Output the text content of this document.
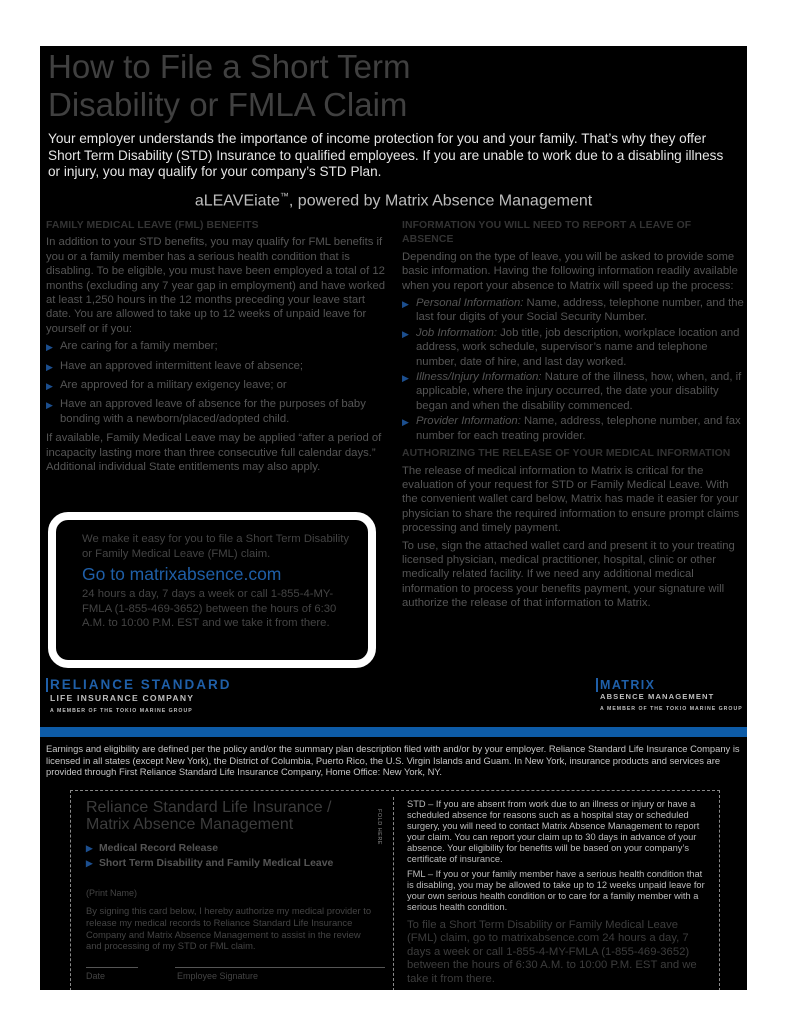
How to File a Short Term
Disability or FMLA Claim

Your employer understands the importance of income protection for you and your family. That’s why they offer Short Term Disability (STD) Insurance to qualified employees. If you are unable to work due to a disabling illness or injury, you may qualify for your company’s STD Plan.

aLEAVEiate™, powered by Matrix Absence Management

FAMILY MEDICAL LEAVE (FML) BENEFITS

In addition to your STD benefits, you may qualify for FML benefits if you or a family member has a serious health condition that is disabling. To be eligible, you must have been employed a total of 12 months (excluding any 7 year gap in employment) and have worked at least 1,250 hours in the 12 months preceding your leave start date. You are allowed to take up to 12 weeks of unpaid leave for yourself or if you:

▶ Are caring for a family member;
▶ Have an approved intermittent leave of absence;
▶ Are approved for a military exigency leave; or
▶ Have an approved leave of absence for the purposes of baby bonding with a newborn/placed/adopted child.

If available, Family Medical Leave may be applied “after a period of incapacity lasting more than three consecutive full calendar days.” Additional individual State entitlements may also apply.

We make it easy for you to file a Short Term Disability or Family Medical Leave (FML) claim.

Go to matrixabsence.com

24 hours a day, 7 days a week or call 1-855-4-MY-FMLA (1-855-469-3652) between the hours of 6:30 A.M. to 10:00 P.M. EST and we take it from there.

INFORMATION YOU WILL NEED TO REPORT A LEAVE OF ABSENCE

Depending on the type of leave, you will be asked to provide some basic information. Having the following information readily available when you report your absence to Matrix will speed up the process:

▶ Personal Information: Name, address, telephone number, and the last four digits of your Social Security Number.
▶ Job Information: Job title, job description, workplace location and address, work schedule, supervisor’s name and telephone number, date of hire, and last day worked.
▶ Illness/Injury Information: Nature of the illness, how, when, and, if applicable, where the injury occurred, the date your disability began and when the disability commenced.
▶ Provider Information: Name, address, telephone number, and fax number for each treating provider.
AUTHORIZING THE RELEASE OF YOUR MEDICAL INFORMATION

The release of medical information to Matrix is critical for the evaluation of your request for STD or Family Medical Leave. With the convenient wallet card below, Matrix has made it easier for your physician to share the required information to ensure prompt claims processing and timely payment.

To use, sign the attached wallet card and present it to your treating licensed physician, medical practitioner, hospital, clinic or other medically related facility. If we need any additional medical information to process your benefits payment, your signature will authorize the release of that information to Matrix.

RELIANCE STANDARD
LIFE INSURANCE COMPANY
A MEMBER OF THE TOKIO MARINE GROUP
MATRIX
ABSENCE MANAGEMENT
A MEMBER OF THE TOKIO MARINE GROUP

Earnings and eligibility are defined per the policy and/or the summary plan description filed with and/or by your employer. Reliance Standard Life Insurance Company is licensed in all states (except New York), the District of Columbia, Puerto Rico, the U.S. Virgin Islands and Guam. In New York, insurance products and services are provided through First Reliance Standard Life Insurance Company, Home Office: New York, NY.

FOLD HERE

Reliance Standard Life Insurance / Matrix Absence Management

▶ Medical Record Release
▶ Short Term Disability and Family Medical Leave
(Print Name)

By signing this card below, I hereby authorize my medical provider to release my medical records to Reliance Standard Life Insurance Company and Matrix Absence Management to assist in the review and processing of my STD or FML claim.

Date	Employee Signature

STD – If you are absent from work due to an illness or injury or have a scheduled absence for reasons such as a hospital stay or scheduled surgery, you will need to contact Matrix Absence Management to report your claim. You can report your claim up to 30 days in advance of your absence. Your eligibility for benefits will be based on your company’s certificate of insurance.

FML – If you or your family member have a serious health condition that is disabling, you may be allowed to take up to 12 weeks unpaid leave for your own serious health condition or to care for a family member with a serious health condition.

To file a Short Term Disability or Family Medical Leave (FML) claim, go to matrixabsence.com 24 hours a day, 7 days a week or call 1-855-4-MY-FMLA (1-855-469-3652) between the hours of 6:30 A.M. to 10:00 P.M. EST and we take it from there.
